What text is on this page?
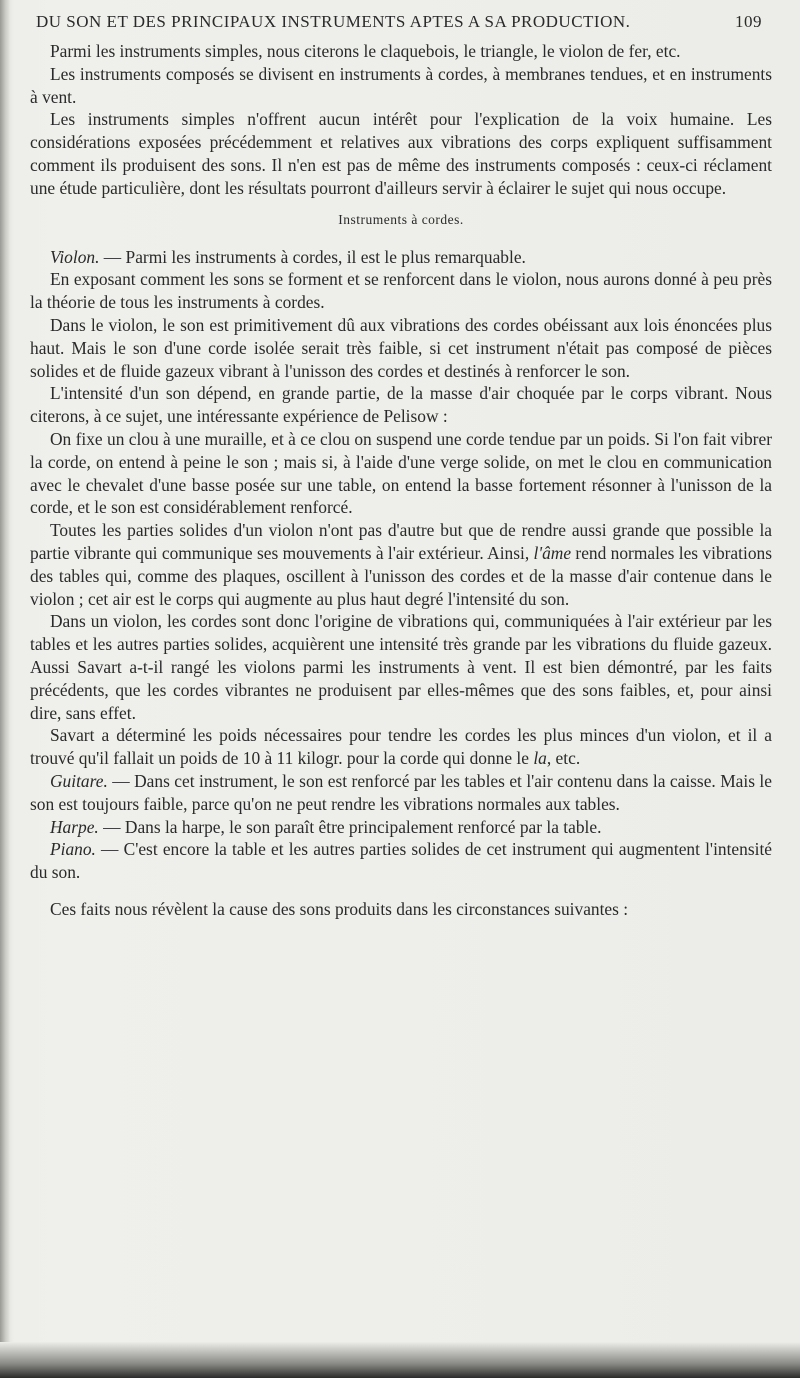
DU SON ET DES PRINCIPAUX INSTRUMENTS APTES A SA PRODUCTION.	109

Parmi les instruments simples, nous citerons le claquebois, le triangle, le violon de fer, etc.

Les instruments composés se divisent en instruments à cordes, à membranes tendues, et en instruments à vent.

Les instruments simples n'offrent aucun intérêt pour l'explication de la voix humaine. Les considérations exposées précédemment et relatives aux vibrations des corps expliquent suffisamment comment ils produisent des sons. Il n'en est pas de même des instruments composés : ceux-ci réclament une étude particulière, dont les résultats pourront d'ailleurs servir à éclairer le sujet qui nous occupe.

Instruments à cordes.

Violon. — Parmi les instruments à cordes, il est le plus remarquable.

En exposant comment les sons se forment et se renforcent dans le violon, nous aurons donné à peu près la théorie de tous les instruments à cordes.

Dans le violon, le son est primitivement dû aux vibrations des cordes obéissant aux lois énoncées plus haut. Mais le son d'une corde isolée serait très faible, si cet instrument n'était pas composé de pièces solides et de fluide gazeux vibrant à l'unisson des cordes et destinés à renforcer le son.

L'intensité d'un son dépend, en grande partie, de la masse d'air choquée par le corps vibrant. Nous citerons, à ce sujet, une intéressante expérience de Pelisow :

On fixe un clou à une muraille, et à ce clou on suspend une corde tendue par un poids. Si l'on fait vibrer la corde, on entend à peine le son ; mais si, à l'aide d'une verge solide, on met le clou en communication avec le chevalet d'une basse posée sur une table, on entend la basse fortement résonner à l'unisson de la corde, et le son est considérablement renforcé.

Toutes les parties solides d'un violon n'ont pas d'autre but que de rendre aussi grande que possible la partie vibrante qui communique ses mouvements à l'air extérieur. Ainsi, l'âme rend normales les vibrations des tables qui, comme des plaques, oscillent à l'unisson des cordes et de la masse d'air contenue dans le violon ; cet air est le corps qui augmente au plus haut degré l'intensité du son.

Dans un violon, les cordes sont donc l'origine de vibrations qui, communiquées à l'air extérieur par les tables et les autres parties solides, acquièrent une intensité très grande par les vibrations du fluide gazeux. Aussi Savart a-t-il rangé les violons parmi les instruments à vent. Il est bien démontré, par les faits précédents, que les cordes vibrantes ne produisent par elles-mêmes que des sons faibles, et, pour ainsi dire, sans effet.

Savart a déterminé les poids nécessaires pour tendre les cordes les plus minces d'un violon, et il a trouvé qu'il fallait un poids de 10 à 11 kilogr. pour la corde qui donne le la, etc.

Guitare. — Dans cet instrument, le son est renforcé par les tables et l'air contenu dans la caisse. Mais le son est toujours faible, parce qu'on ne peut rendre les vibrations normales aux tables.

Harpe. — Dans la harpe, le son paraît être principalement renforcé par la table.

Piano. — C'est encore la table et les autres parties solides de cet instrument qui augmentent l'intensité du son.

Ces faits nous révèlent la cause des sons produits dans les circonstances suivantes :
